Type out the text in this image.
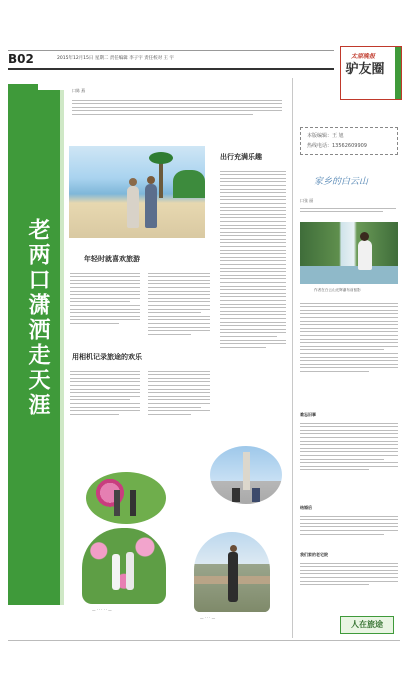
B02	2015年12月15日 星期二 责任编辑 李子宇 责任校对 王 宇	太原晚报
驴友圈
本版编辑：王 旭
热线电话：13562609909
老两口潇洒走天涯
口陈 燕
年轻时就喜欢旅游
用相机记录旅途的欢乐
— · · · · · —
— · · · —
出行充满乐趣
家乡的白云山
口张 丽
作者在白云山光辉瀑布前留影
难忘旧事
结婚后
我们家的老宅院
人在旅途
